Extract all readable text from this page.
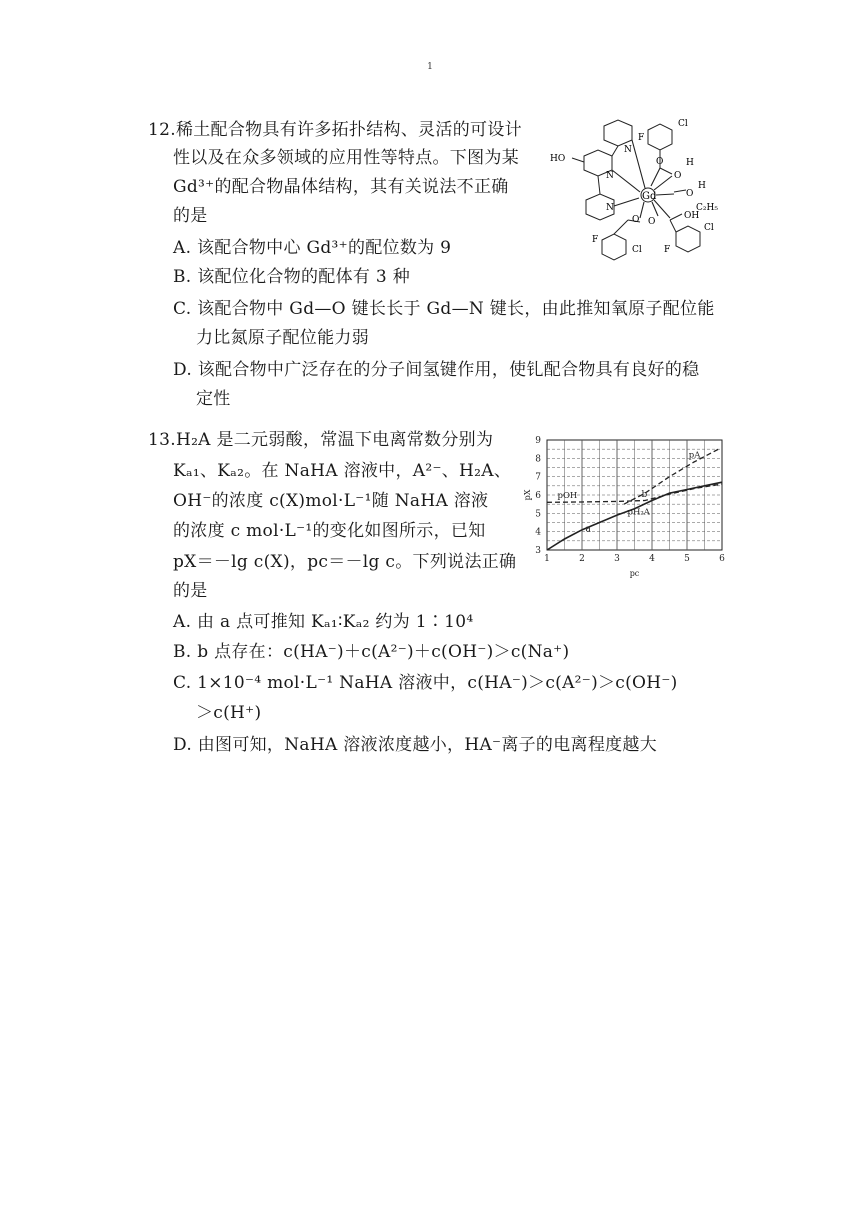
1
12.稀土配合物具有许多拓扑结构、灵活的可设计
性以及在众多领域的应用性等特点。下图为某
Gd³⁺的配合物晶体结构，其有关说法不正确
的是
A. 该配合物中心 Gd³⁺的配位数为 9
B. 该配位化合物的配体有 3 种
C. 该配合物中 Gd—O 键长长于 Gd—N 键长，由此推知氧原子配位能
力比氮原子配位能力弱
D. 该配合物中广泛存在的分子间氢键作用，使钆配合物具有良好的稳
定性
Gd
HO
N
N
N
F
Cl
O
O
H
H
O
C₂H₅
OH
O O
F
Cl F
Cl
13.H₂A 是二元弱酸，常温下电离常数分别为
Kₐ₁、Kₐ₂。在 NaHA 溶液中，A²⁻、H₂A、
OH⁻的浓度 c(X)mol·L⁻¹随 NaHA 溶液
的浓度 c mol·L⁻¹的变化如图所示，已知
pX＝－lg c(X)，pc＝－lg c。下列说法正确
的是
A. 由 a 点可推知 Kₐ₁∶Kₐ₂ 约为 1∶10⁴
B. b 点存在：c(HA⁻)＋c(A²⁻)＋c(OH⁻)＞c(Na⁺)
C. 1×10⁻⁴ mol·L⁻¹ NaHA 溶液中，c(HA⁻)＞c(A²⁻)＞c(OH⁻)
＞c(H⁺)
D. 由图可知，NaHA 溶液浓度越小，HA⁻离子的电离程度越大
1	2	3	4	5	6
3
4
5
6
7
8
9
pc
pX
pA
pOH
pH₂A
a
b
